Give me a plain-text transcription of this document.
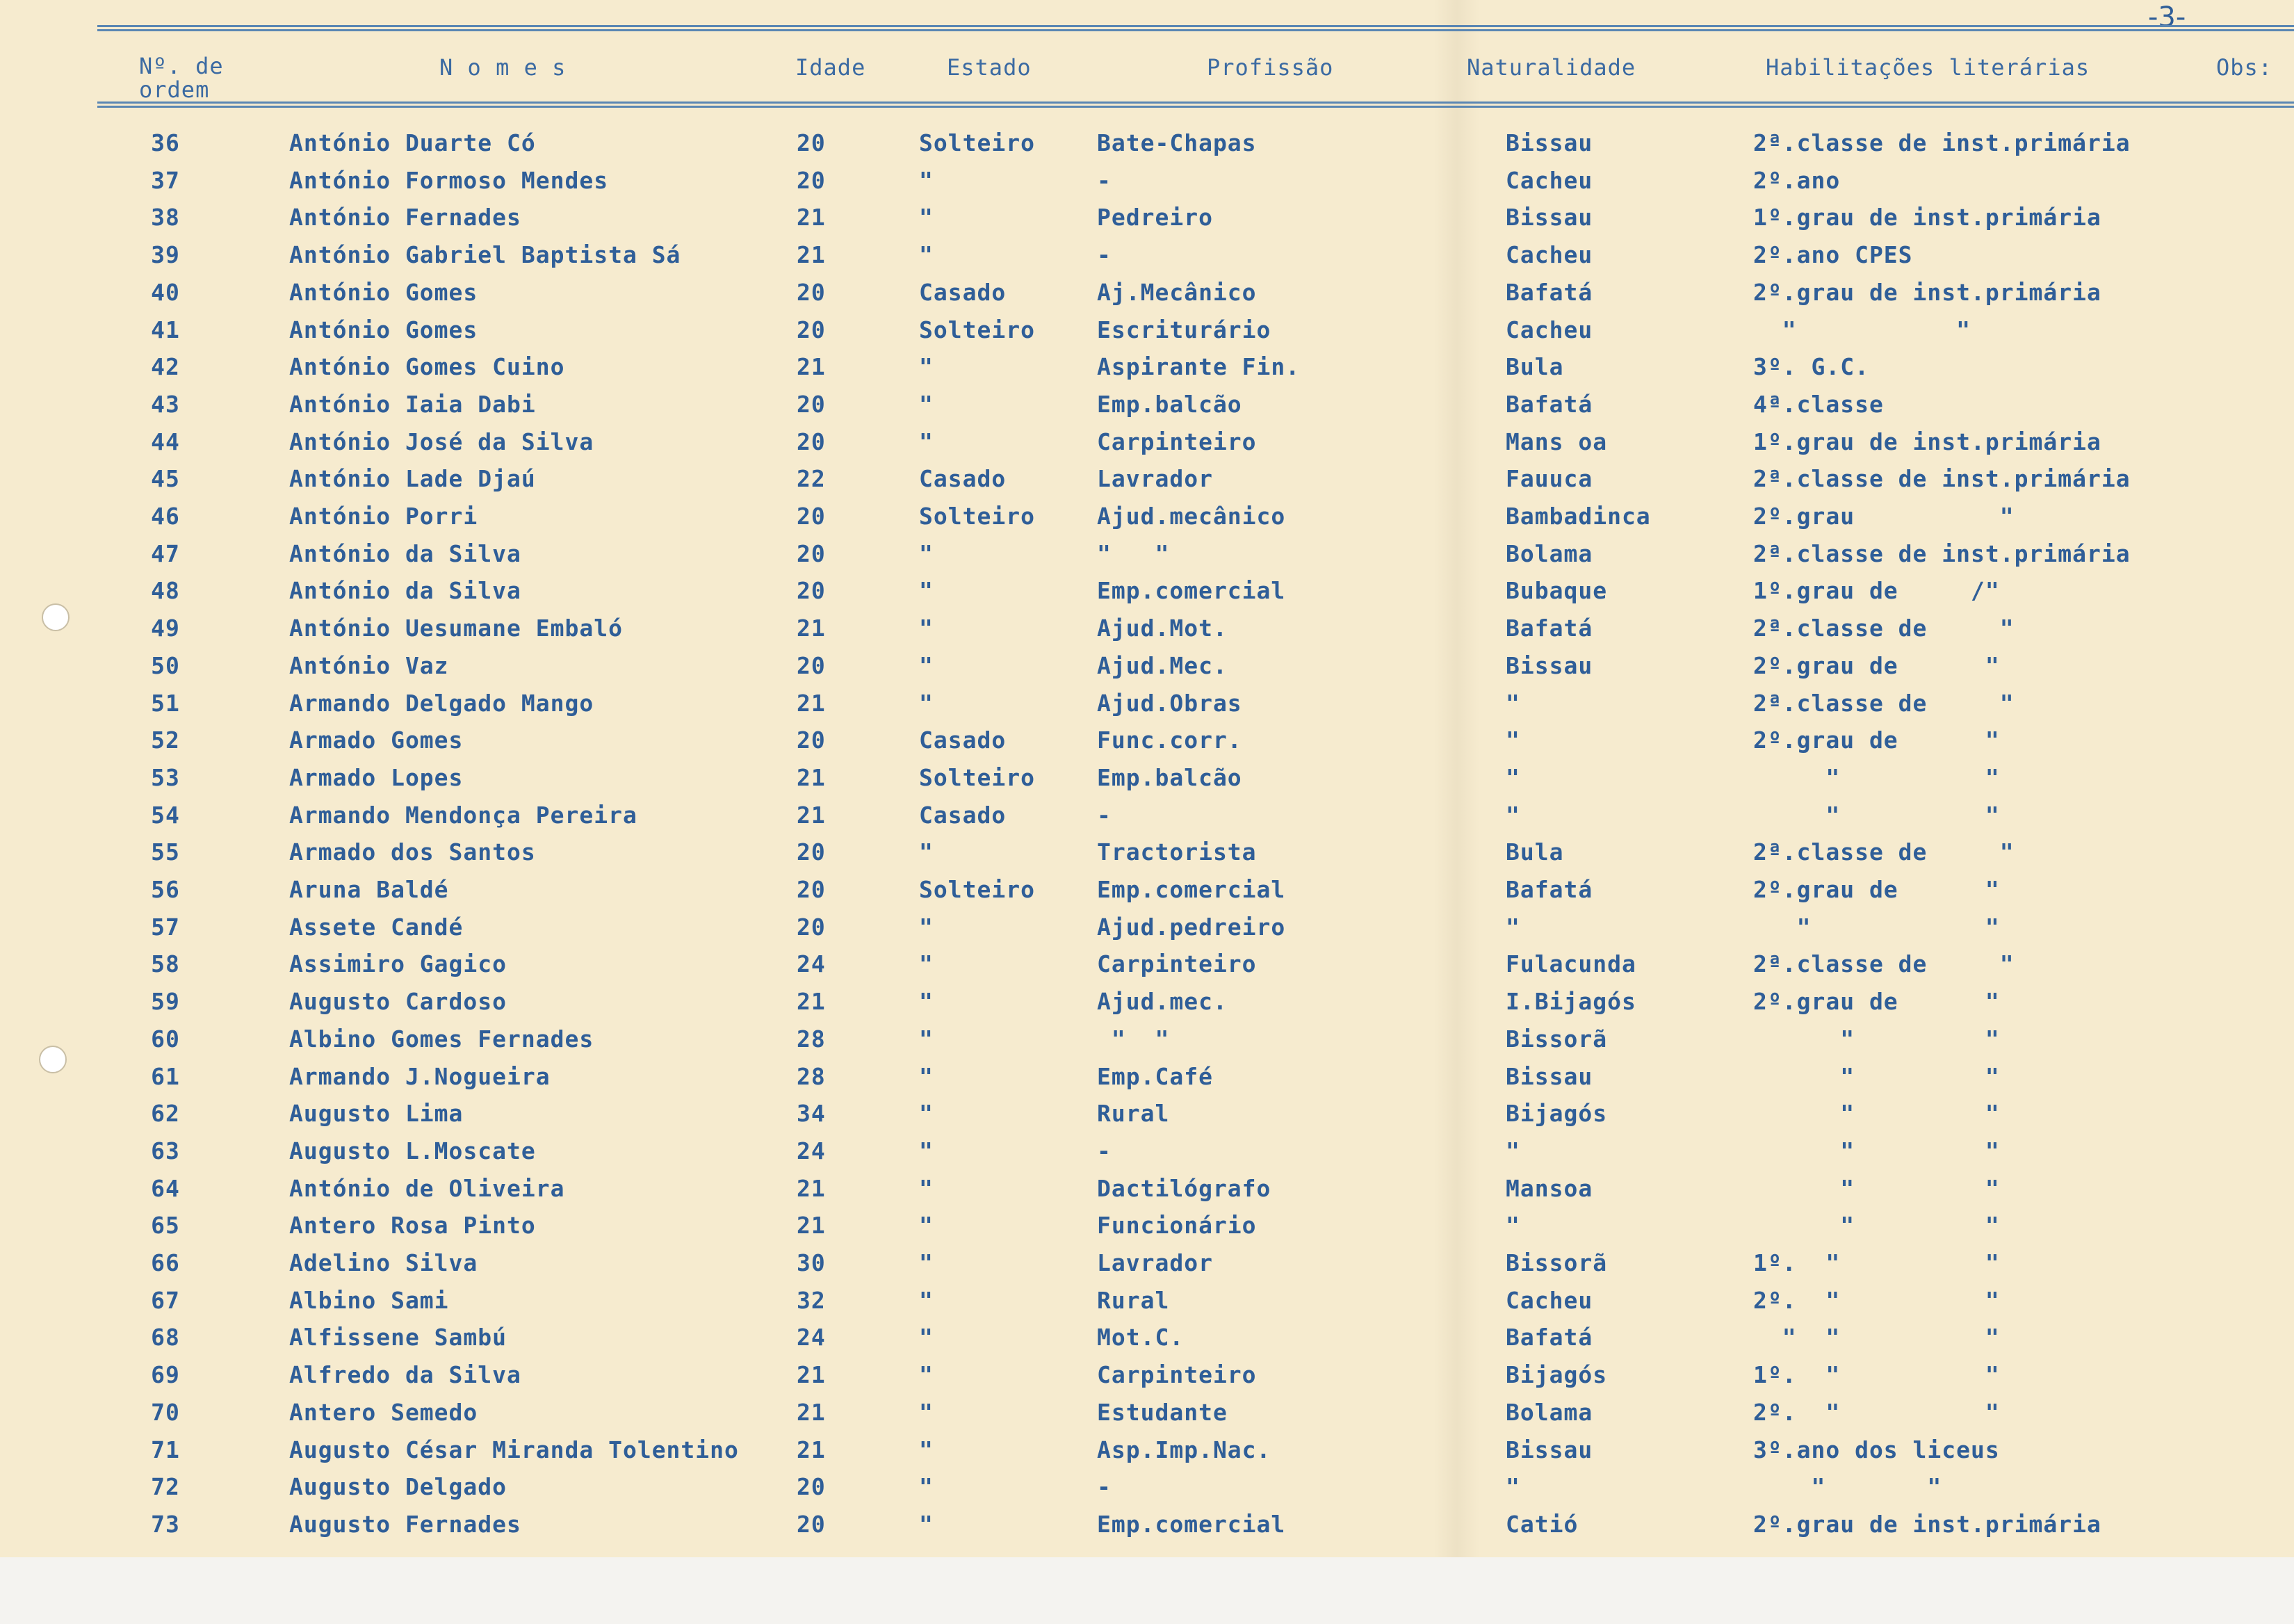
-3-
Nº. de
ordem
N o m e s	Idade	Estado	Profissão	Naturalidade	Habilitações literárias	Obs:
36	António Duarte Có	20	Solteiro	Bate-Chapas	Bissau	2ª.classe de inst.primária
37	António Formoso Mendes	20	"	-	Cacheu	2º.ano
38	António Fernades	21	"	Pedreiro	Bissau	1º.grau de inst.primária
39	António Gabriel Baptista Sá	21	"	-	Cacheu	2º.ano CPES
40	António Gomes	20	Casado	Aj.Mecânico	Bafatá	2º.grau de inst.primária
41	António Gomes	20	Solteiro	Escriturário	Cacheu	"           "
42	António Gomes Cuino	21	"	Aspirante Fin.	Bula	3º. G.C.
43	António Iaia Dabi	20	"	Emp.balcão	Bafatá	4ª.classe
44	António José da Silva	20	"	Carpinteiro	Mans oa	1º.grau de inst.primária
45	António Lade Djaú	22	Casado	Lavrador	Fauuca	2ª.classe de inst.primária
46	António Porri	20	Solteiro	Ajud.mecânico	Bambadinca	2º.grau          "
47	António da Silva	20	"	"   "	Bolama	2ª.classe de inst.primária
48	António da Silva	20	"	Emp.comercial	Bubaque	1º.grau de     /"
49	António Uesumane Embaló	21	"	Ajud.Mot.	Bafatá	2ª.classe de     "
50	António Vaz	20	"	Ajud.Mec.	Bissau	2º.grau de      "
51	Armando Delgado Mango	21	"	Ajud.Obras	"	2ª.classe de     "
52	Armado Gomes	20	Casado	Func.corr.	"	2º.grau de      "
53	Armado Lopes	21	Solteiro	Emp.balcão	"	"          "
54	Armando Mendonça Pereira	21	Casado	-	"	"          "
55	Armado dos Santos	20	"	Tractorista	Bula	2ª.classe de     "
56	Aruna Baldé	20	Solteiro	Emp.comercial	Bafatá	2º.grau de      "
57	Assete Candé	20	"	Ajud.pedreiro	"	"            "
58	Assimiro Gagico	24	"	Carpinteiro	Fulacunda	2ª.classe de     "
59	Augusto Cardoso	21	"	Ajud.mec.	I.Bijagós	2º.grau de      "
60	Albino Gomes Fernades	28	"	"  "	Bissorã	"         "
61	Armando J.Nogueira	28	"	Emp.Café	Bissau	"         "
62	Augusto Lima	34	"	Rural	Bijagós	"         "
63	Augusto L.Moscate	24	"	-	"	"         "
64	António de Oliveira	21	"	Dactilógrafo	Mansoa	"         "
65	Antero Rosa Pinto	21	"	Funcionário	"	"         "
66	Adelino Silva	30	"	Lavrador	Bissorã	1º.  "          "
67	Albino Sami	32	"	Rural	Cacheu	2º.  "          "
68	Alfissene Sambú	24	"	Mot.C.	Bafatá	"  "          "
69	Alfredo da Silva	21	"	Carpinteiro	Bijagós	1º.  "          "
70	Antero Semedo	21	"	Estudante	Bolama	2º.  "          "
71	Augusto César Miranda Tolentino	21	"	Asp.Imp.Nac.	Bissau	3º.ano dos liceus
72	Augusto Delgado	20	"	-	"	"       "
73	Augusto Fernades	20	"	Emp.comercial	Catió	2º.grau de inst.primária
